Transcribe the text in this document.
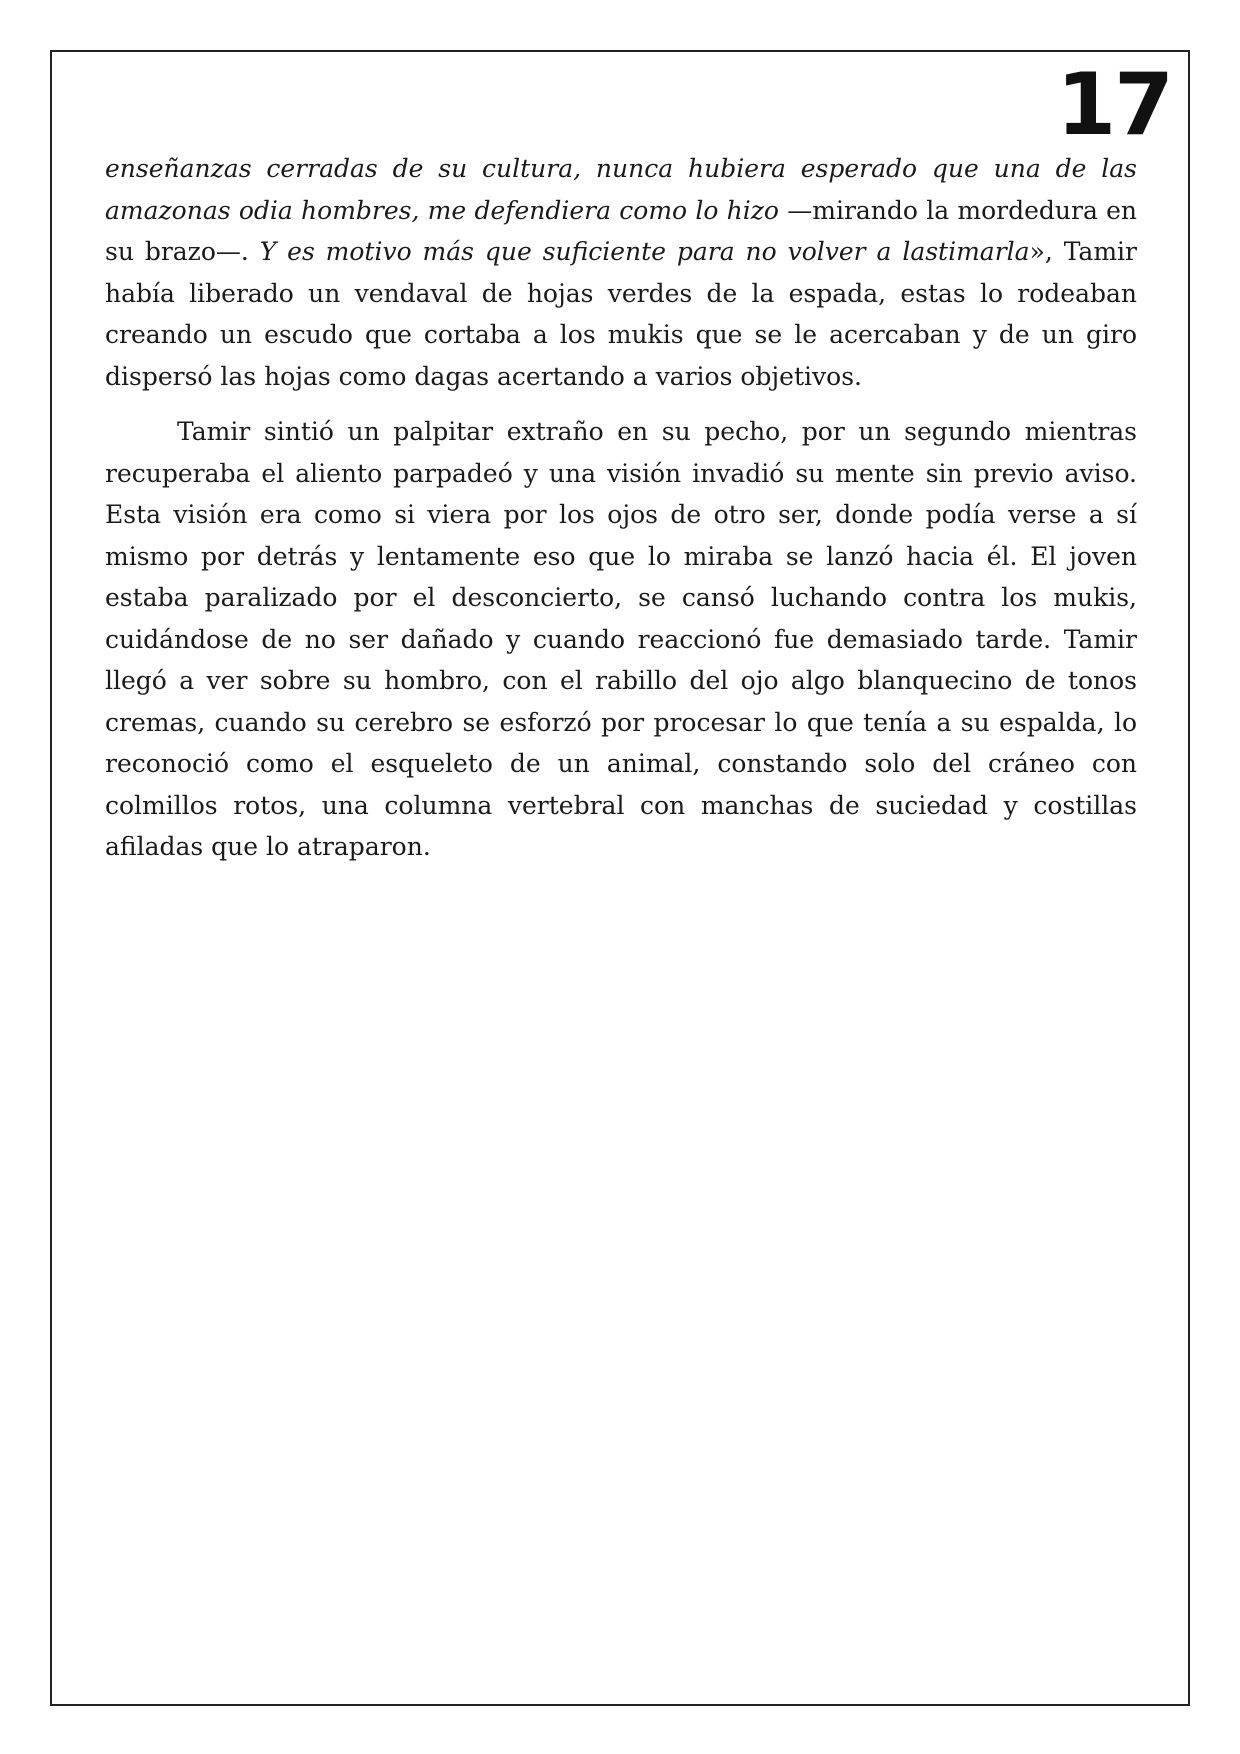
17

enseñanzas cerradas de su cultura, nunca hubiera esperado que una de las amazonas odia hombres, me defendiera como lo hizo —mirando la mordedura en su brazo—. Y es motivo más que suficiente para no volver a lastimarla», Tamir había liberado un vendaval de hojas verdes de la espada, estas lo rodeaban creando un escudo que cortaba a los mukis que se le acercaban y de un giro dispersó las hojas como dagas acertando a varios objetivos.

Tamir sintió un palpitar extraño en su pecho, por un segundo mientras recuperaba el aliento parpadeó y una visión invadió su mente sin previo aviso. Esta visión era como si viera por los ojos de otro ser, donde podía verse a sí mismo por detrás y lentamente eso que lo miraba se lanzó hacia él. El joven estaba paralizado por el desconcierto, se cansó luchando contra los mukis, cuidándose de no ser dañado y cuando reaccionó fue demasiado tarde. Tamir llegó a ver sobre su hombro, con el rabillo del ojo algo blanquecino de tonos cremas, cuando su cerebro se esforzó por procesar lo que tenía a su espalda, lo reconoció como el esqueleto de un animal, constando solo del cráneo con colmillos rotos, una columna vertebral con manchas de suciedad y costillas afiladas que lo atraparon.
